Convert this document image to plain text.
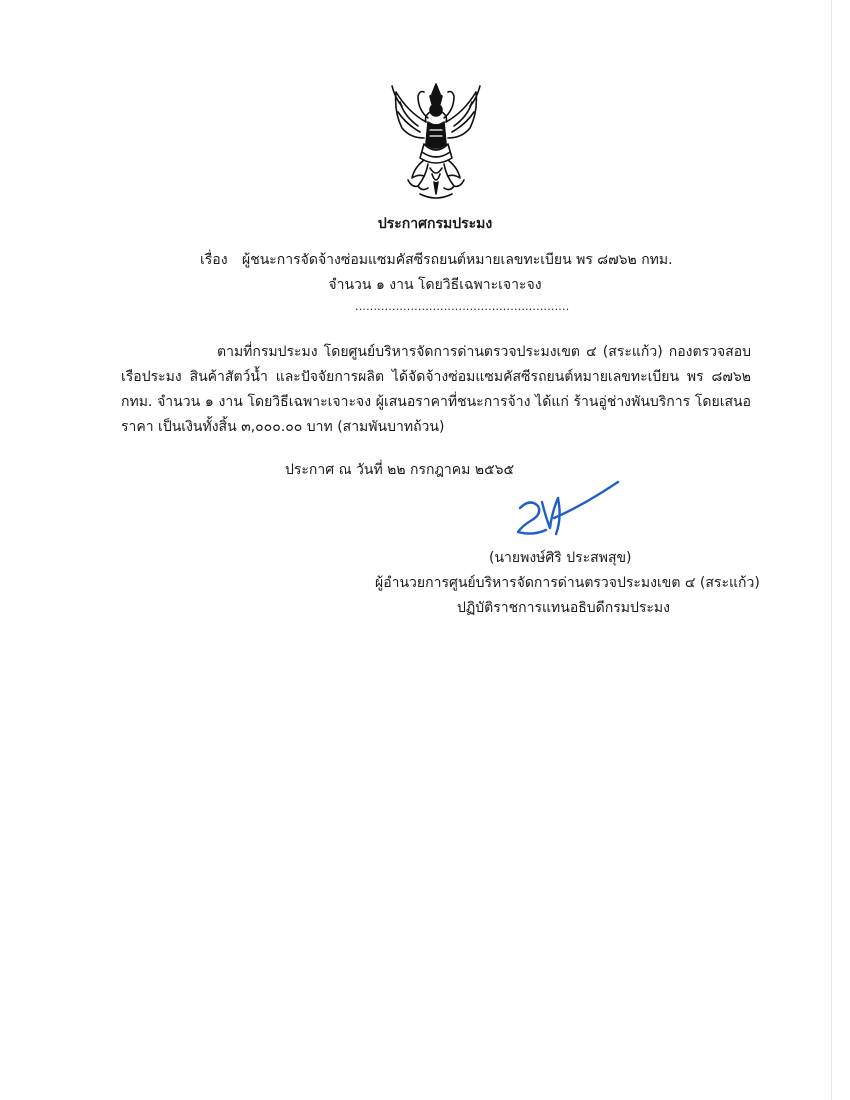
ประกาศกรมประมง
เรื่อง ผู้ชนะการจัดจ้างซ่อมแซมคัสซีรถยนต์หมายเลขทะเบียน พร ๘๗๖๒ กทม.
จำนวน ๑ งาน โดยวิธีเฉพาะเจาะจง
..........................................................
ตามที่กรมประมง โดยศูนย์บริหารจัดการด่านตรวจประมงเขต ๔ (สระแก้ว) กองตรวจสอบเรือประมง สินค้าสัตว์น้ำ และปัจจัยการผลิต ได้จัดจ้างซ่อมแซมคัสซีรถยนต์หมายเลขทะเบียน พร ๘๗๖๒ กทม. จำนวน ๑ งาน โดยวิธีเฉพาะเจาะจง ผู้เสนอราคาที่ชนะการจ้าง ได้แก่ ร้านอู่ช่างพันบริการ โดยเสนอราคา เป็นเงินทั้งสิ้น ๓,๐๐๐.๐๐ บาท (สามพันบาทถ้วน)
ประกาศ ณ วันที่ ๒๒ กรกฎาคม ๒๕๖๕
(นายพงษ์ศิริ ประสพสุข)
ผู้อำนวยการศูนย์บริหารจัดการด่านตรวจประมงเขต ๔ (สระแก้ว)
ปฏิบัติราชการแทนอธิบดีกรมประมง
